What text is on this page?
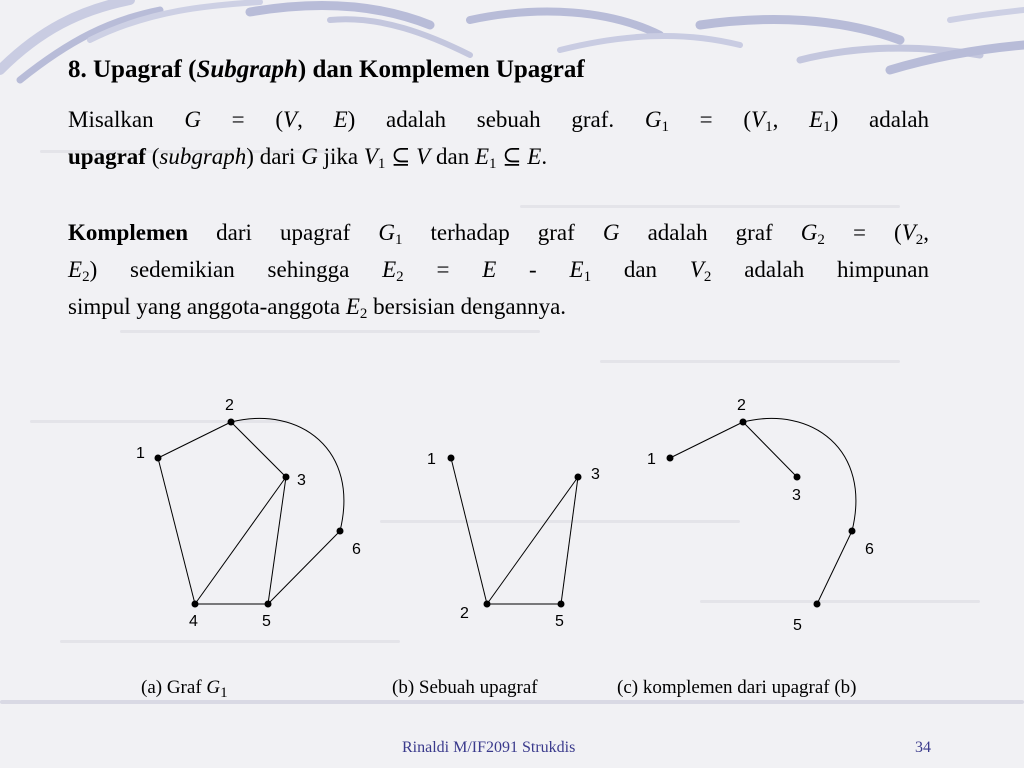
8. Upagraf (Subgraph) dan Komplemen Upagraf
Misalkan G = (V, E) adalah sebuah graf. $G_1 = (V_1$, $E_1$) adalah
upagraf (subgraph) dari G jika $V_1$ ⊆ V dan $E_1$ ⊆ E.
Komplemen dari upagraf $G_1$ terhadap graf G adalah graf $G_2 = (V_2$,
$E_2$) sedemikian sehingga $E_2 = E - E_1$ dan $V_2$ adalah himpunan
simpul yang anggota-anggota $E_2$ bersisian dengannya.
1
2
3
4	5
6
1
2
3
5
1
2
3
5
6
(a) Graf $G_1$	(b) Sebuah upagraf	(c) komplemen dari upagraf (b)
Rinaldi M/IF2091 Strukdis	34
